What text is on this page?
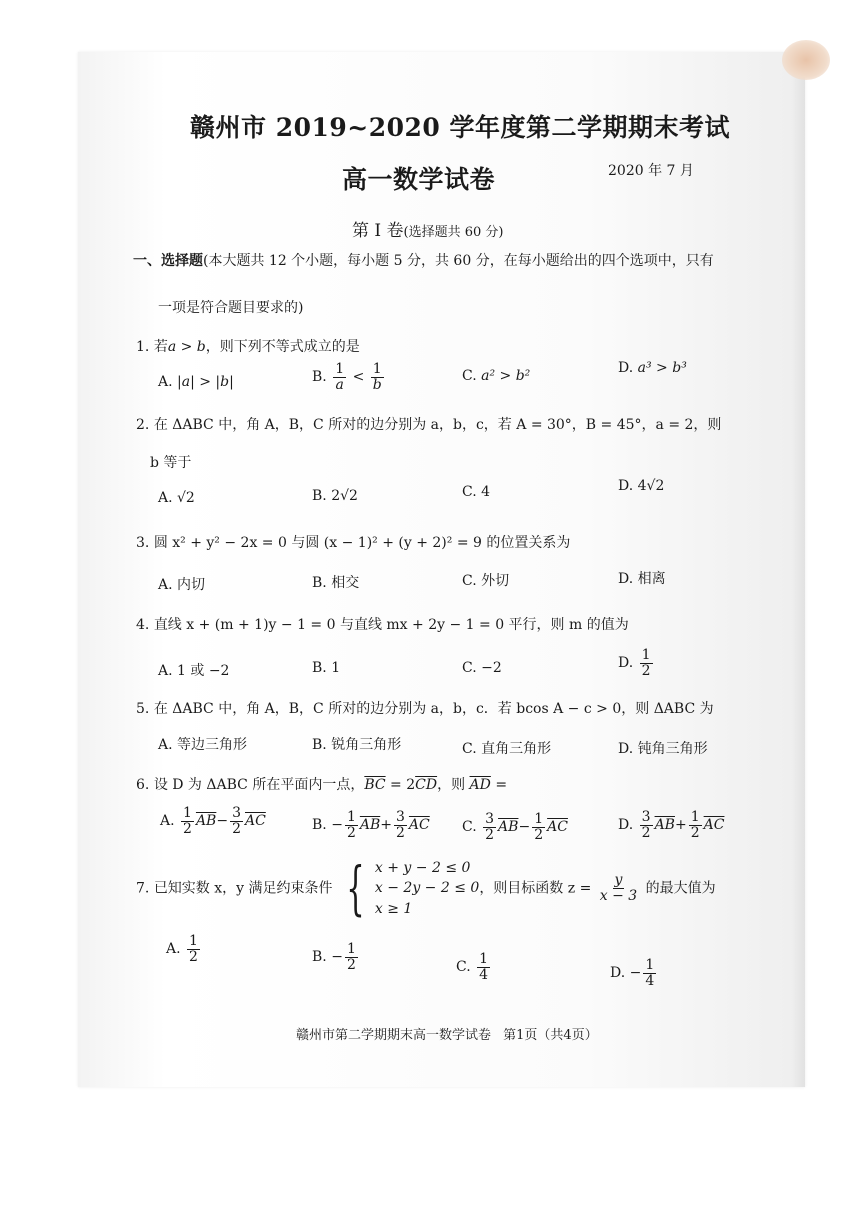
赣州市 2019~2020 学年度第二学期期末考试
高一数学试卷	2020 年 7 月
第 I 卷(选择题共 60 分)
一、选择题(本大题共 12 个小题，每小题 5 分，共 60 分，在每小题给出的四个选项中，只有
一项是符合题目要求的)
1. 若a > b，则下列不等式成立的是
A. |a| > |b|	B. $\frac{1}{a} < \frac{1}{b}$	C. a² > b²	D. a³ > b³
2. 在 ΔABC 中，角 A，B，C 所对的边分别为 a，b，c，若 A = 30°，B = 45°，a = 2，则
b 等于
A. √2	B. 2√2	C. 4	D. 4√2
3. 圆 x² + y² − 2x = 0 与圆 (x − 1)² + (y + 2)² = 9 的位置关系为
A. 内切	B. 相交	C. 外切	D. 相离
4. 直线 x + (m + 1)y − 1 = 0 与直线 mx + 2y − 1 = 0 平行，则 m 的值为
A. 1 或 −2	B. 1	C. −2	D. $\frac{1}{2}$
5. 在 ΔABC 中，角 A，B，C 所对的边分别为 a，b，c．若 bcos A − c > 0，则 ΔABC 为
A. 等边三角形	B. 锐角三角形	C. 直角三角形	D. 钝角三角形
6. 设 D 为 ΔABC 所在平面内一点，$\overline{BC} = 2\overline{CD}$，则 $\overline{AD}$ =
A. $\frac{1}{2} \overline{AB}- \frac{3}{2} \overline{AC}$	B. − $\frac{1}{2} \overline{AB}+ \frac{3}{2} \overline{AC}$ C. $\frac{3}{2} \overline{AB}- \frac{1}{2} \overline{AC}$	D. $\frac{3}{2} \overline{AB}+ \frac{1}{2} \overline{AC}$
7. 已知实数 x，y 满足约束条件 { x + y − 2 ≤ 0
x − 2y − 2 ≤ 0
x ≥ 1
，则目标函数 $z = \frac{y}{x - 3}$ 的最大值为
A. $\frac{1}{2}$	B. − $\frac{1}{2}$	C. $\frac{1}{4}$	D. − $\frac{1}{4}$
赣州市第二学期期末高一数学试卷 第1页（共4页）
